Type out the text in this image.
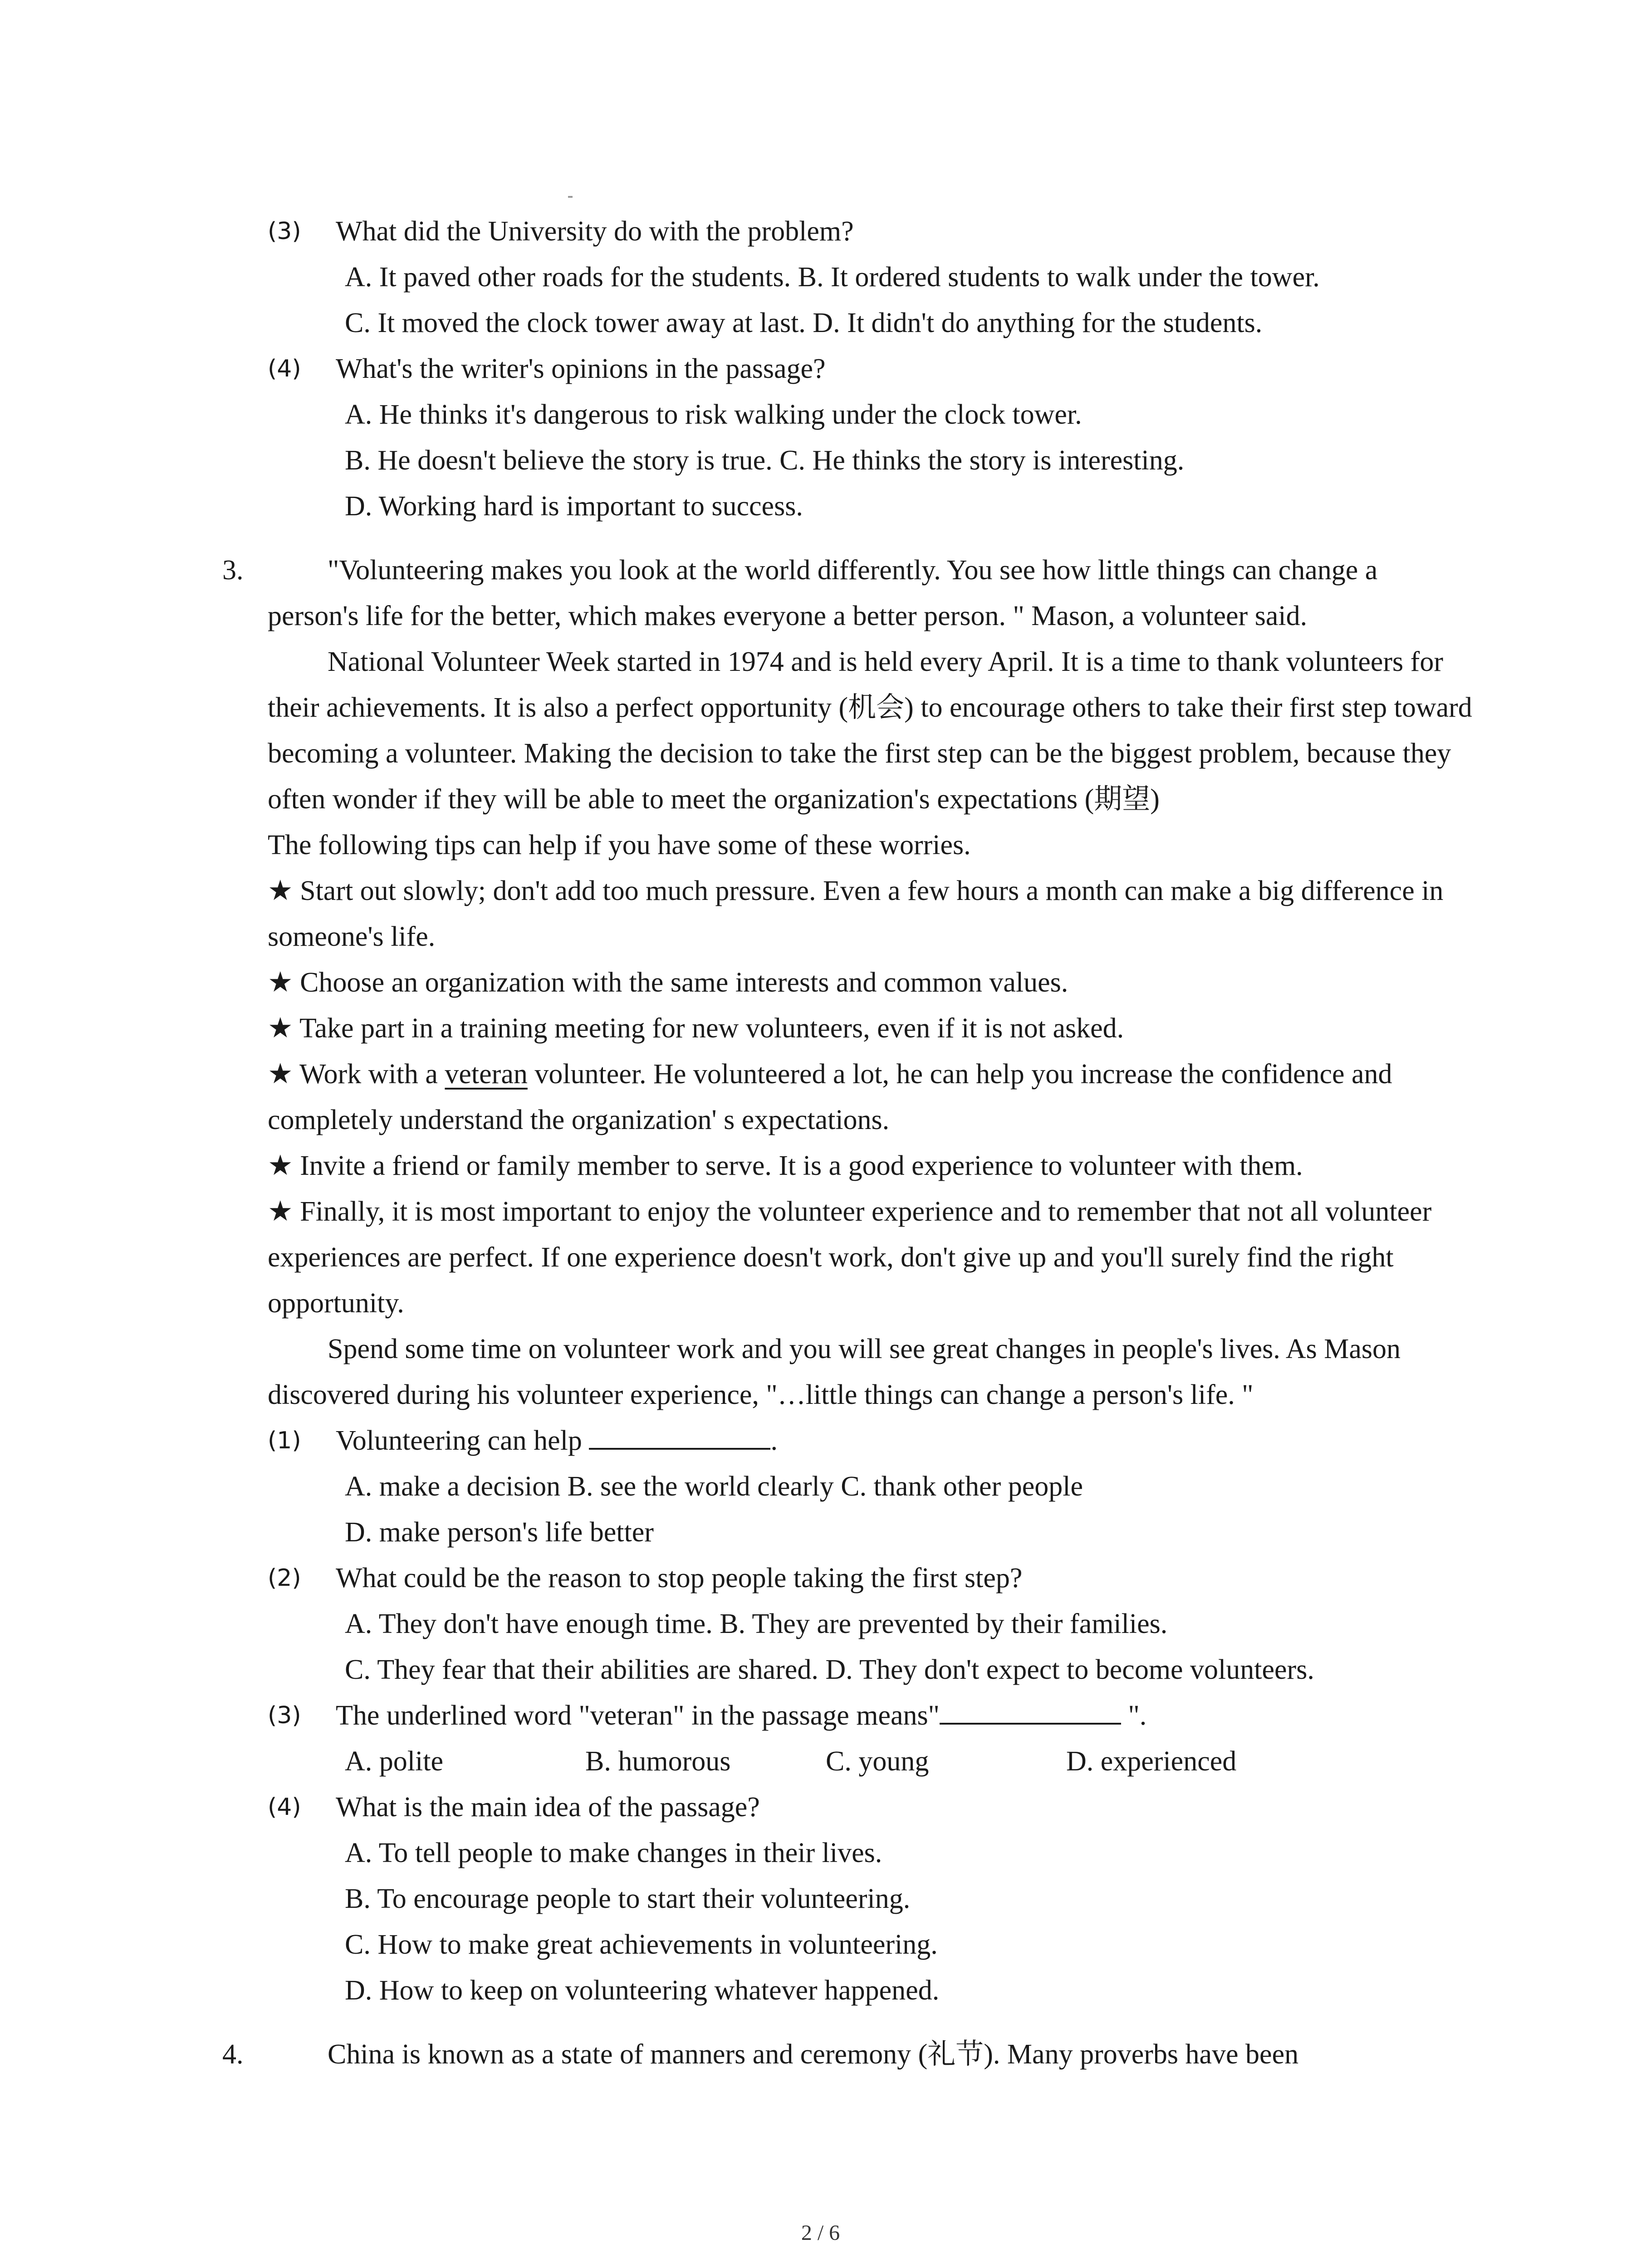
(3)	What did the University do with the problem?
A. It paved other roads for the students. B. It ordered students to walk under the tower.
C. It moved the clock tower away at last. D. It didn't do anything for the students.
(4)	What's the writer's opinions in the passage?
A. He thinks it's dangerous to risk walking under the clock tower.
B. He doesn't believe the story is true. C. He thinks the story is interesting.
D. Working hard is important to success.
3.	"Volunteering makes you look at the world differently. You see how little things can change a person's life for the better, which makes everyone a better person. " Mason, a volunteer said.
National Volunteer Week started in 1974 and is held every April. It is a time to thank volunteers for their achievements. It is also a perfect opportunity (机会) to encourage others to take their first step toward becoming a volunteer. Making the decision to take the first step can be the biggest problem, because they often wonder if they will be able to meet the organization's expectations (期望)
The following tips can help if you have some of these worries.
★ Start out slowly; don't add too much pressure. Even a few hours a month can make a big difference in someone's life.
★ Choose an organization with the same interests and common values.
★ Take part in a training meeting for new volunteers, even if it is not asked.
★ Work with a veteran volunteer. He volunteered a lot, he can help you increase the confidence and completely understand the organization' s expectations.
★ Invite a friend or family member to serve. It is a good experience to volunteer with them.
★ Finally, it is most important to enjoy the volunteer experience and to remember that not all volunteer experiences are perfect. If one experience doesn't work, don't give up and you'll surely find the right opportunity.
Spend some time on volunteer work and you will see great changes in people's lives. As Mason discovered during his volunteer experience, "…little things can change a person's life. "
(1)	Volunteering can help	.
A. make a decision B. see the world clearly C. thank other people
D. make person's life better
(2)	What could be the reason to stop people taking the first step?
A. They don't have enough time. B. They are prevented by their families.
C. They fear that their abilities are shared. D. They don't expect to become volunteers.
(3)	The underlined word "veteran" in the passage means"	".
A. polite	B. humorous	C. young	D. experienced
(4)	What is the main idea of the passage?
A. To tell people to make changes in their lives.
B. To encourage people to start their volunteering.
C. How to make great achievements in volunteering.
D. How to keep on volunteering whatever happened.
4.	China is known as a state of manners and ceremony (礼节). Many proverbs have been
2 / 6
